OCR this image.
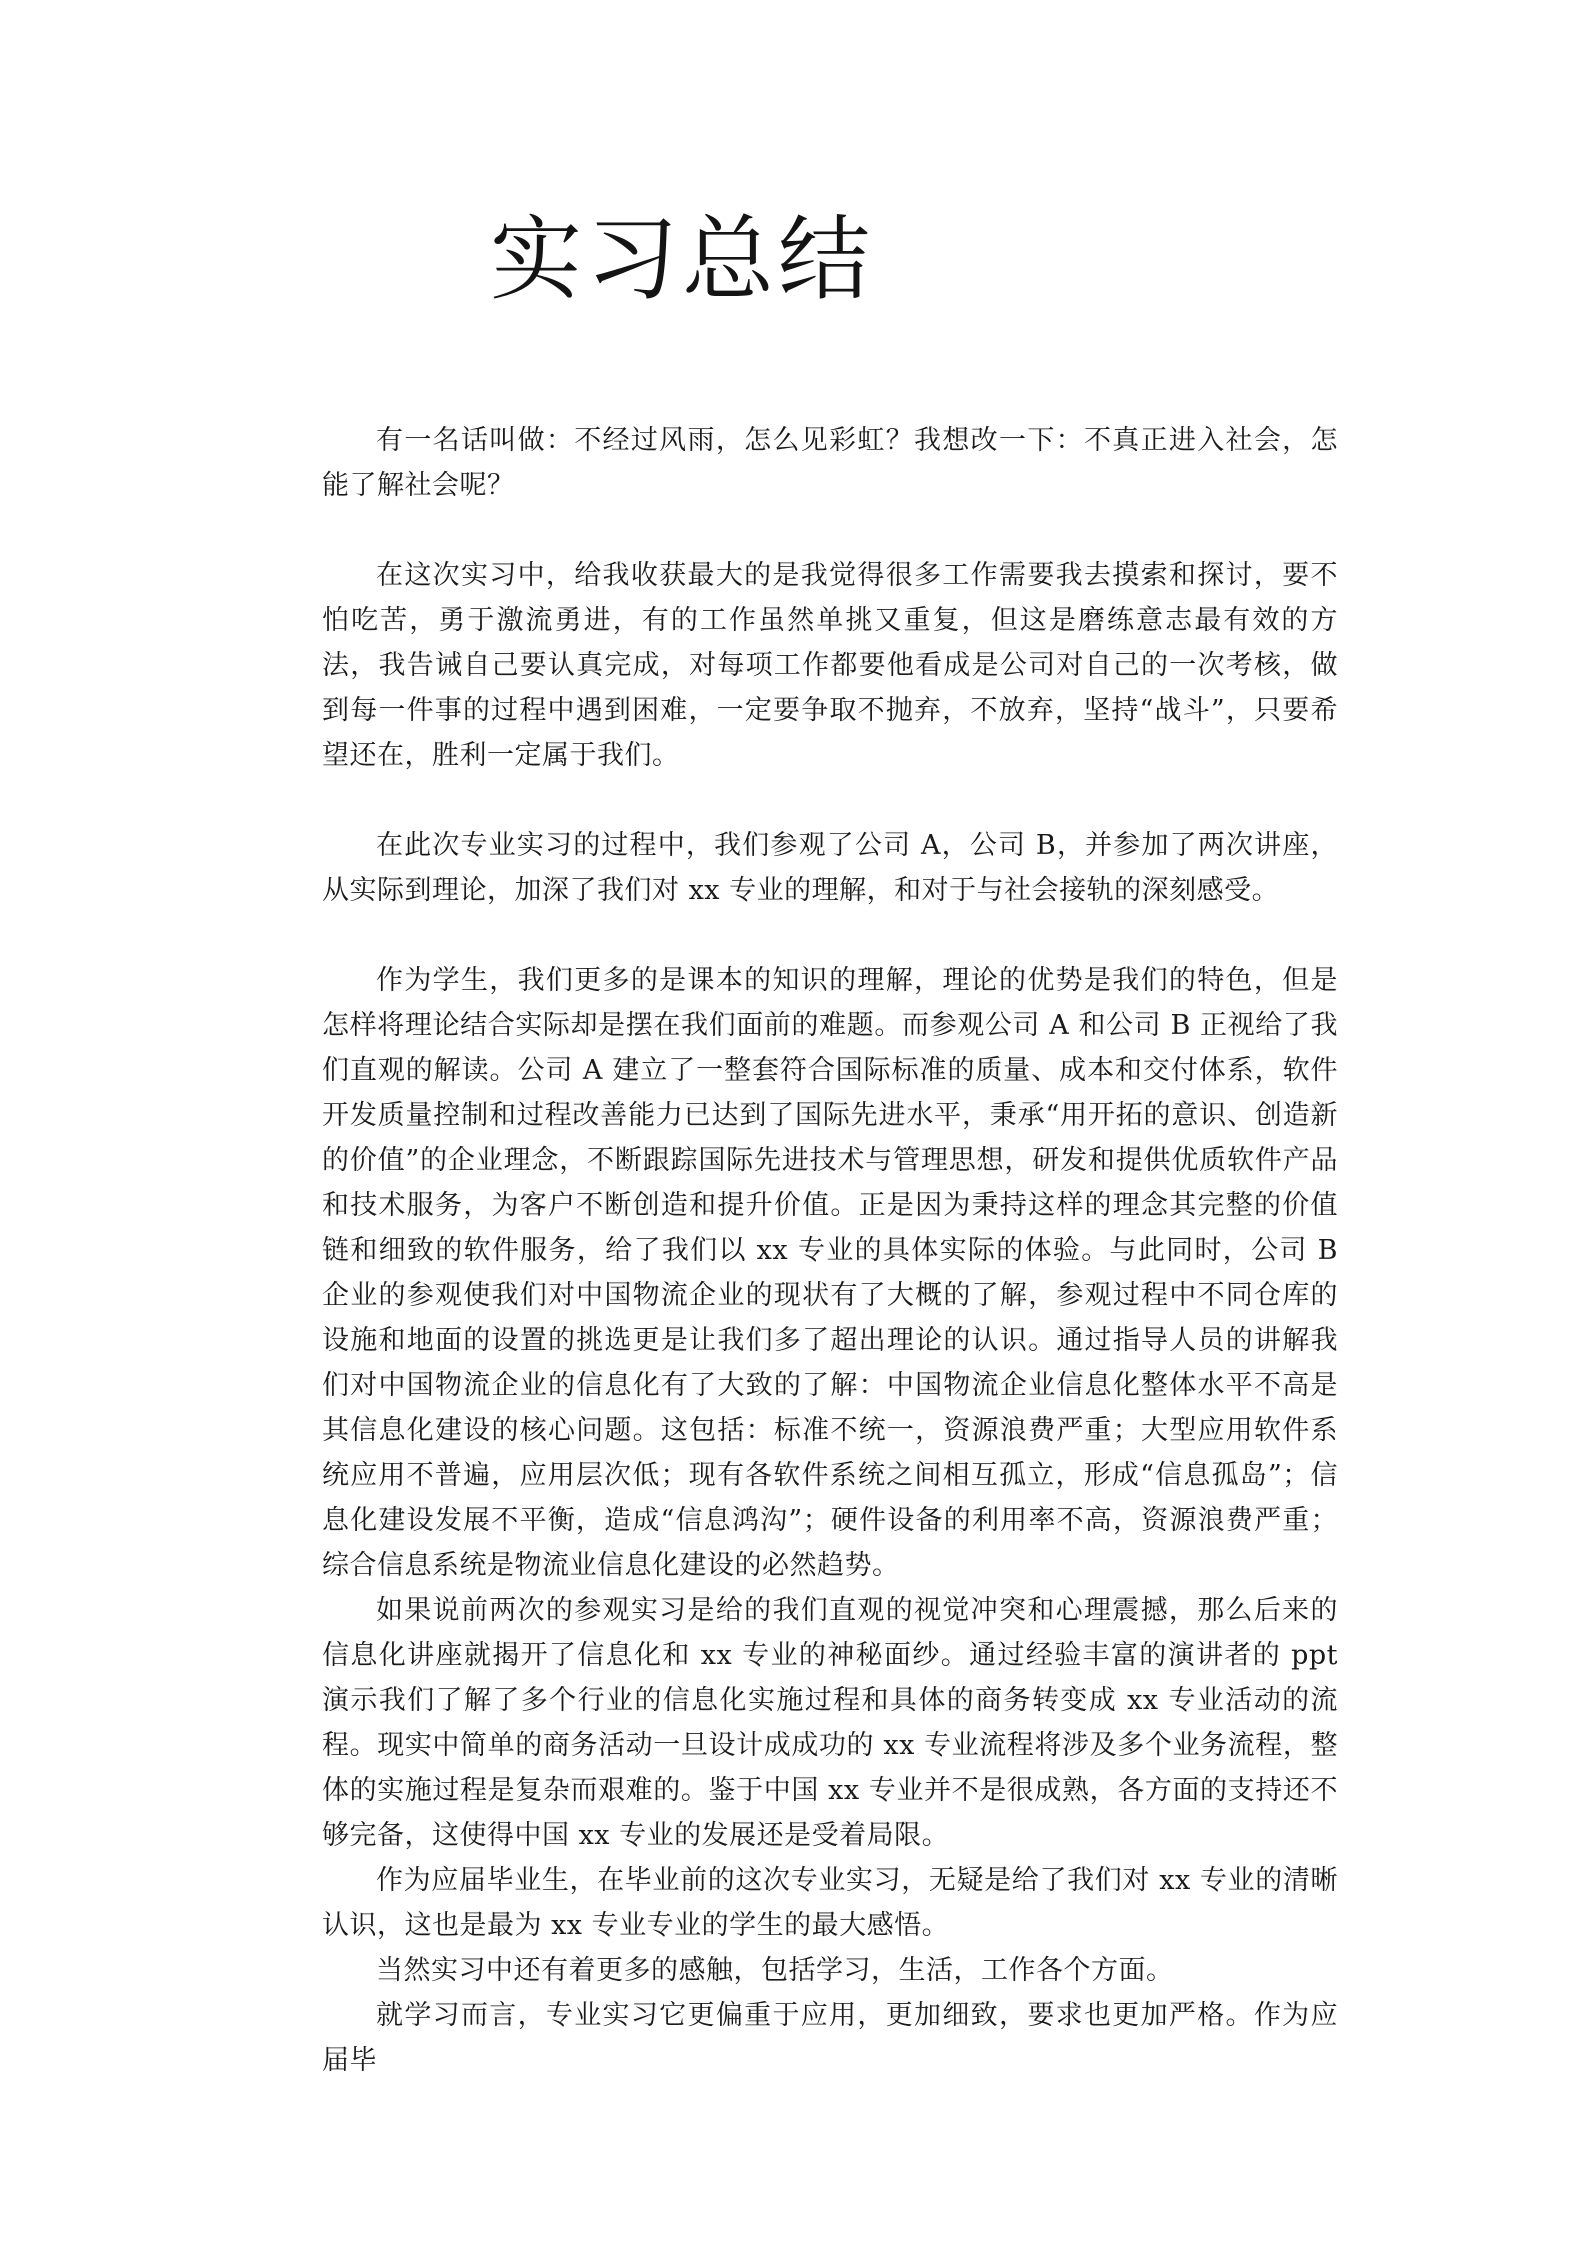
实习总结

有一名话叫做：不经过风雨，怎么见彩虹？我想改一下：不真正进入社会，怎能了解社会呢？

在这次实习中，给我收获最大的是我觉得很多工作需要我去摸索和探讨，要不怕吃苦，勇于激流勇进，有的工作虽然单挑又重复，但这是磨练意志最有效的方法，我告诫自己要认真完成，对每项工作都要他看成是公司对自己的一次考核，做到每一件事的过程中遇到困难，一定要争取不抛弃，不放弃，坚持“战斗”，只要希望还在，胜利一定属于我们。

在此次专业实习的过程中，我们参观了公司 A，公司 B，并参加了两次讲座，从实际到理论，加深了我们对 xx 专业的理解，和对于与社会接轨的深刻感受。

作为学生，我们更多的是课本的知识的理解，理论的优势是我们的特色，但是怎样将理论结合实际却是摆在我们面前的难题。而参观公司 A 和公司 B 正视给了我们直观的解读。公司 A 建立了一整套符合国际标准的质量、成本和交付体系，软件开发质量控制和过程改善能力已达到了国际先进水平，秉承“用开拓的意识、创造新的价值”的企业理念，不断跟踪国际先进技术与管理思想，研发和提供优质软件产品和技术服务，为客户不断创造和提升价值。正是因为秉持这样的理念其完整的价值链和细致的软件服务，给了我们以 xx 专业的具体实际的体验。与此同时，公司 B 企业的参观使我们对中国物流企业的现状有了大概的了解，参观过程中不同仓库的设施和地面的设置的挑选更是让我们多了超出理论的认识。通过指导人员的讲解我们对中国物流企业的信息化有了大致的了解：中国物流企业信息化整体水平不高是其信息化建设的核心问题。这包括：标准不统一，资源浪费严重；大型应用软件系统应用不普遍，应用层次低；现有各软件系统之间相互孤立，形成“信息孤岛”；信息化建设发展不平衡，造成“信息鸿沟”；硬件设备的利用率不高，资源浪费严重；综合信息系统是物流业信息化建设的必然趋势。

如果说前两次的参观实习是给的我们直观的视觉冲突和心理震撼，那么后来的信息化讲座就揭开了信息化和 xx 专业的神秘面纱。通过经验丰富的演讲者的 ppt 演示我们了解了多个行业的信息化实施过程和具体的商务转变成 xx 专业活动的流程。现实中简单的商务活动一旦设计成成功的 xx 专业流程将涉及多个业务流程，整体的实施过程是复杂而艰难的。鉴于中国 xx 专业并不是很成熟，各方面的支持还不够完备，这使得中国 xx 专业的发展还是受着局限。

作为应届毕业生，在毕业前的这次专业实习，无疑是给了我们对 xx 专业的清晰认识，这也是最为 xx 专业专业的学生的最大感悟。

当然实习中还有着更多的感触，包括学习，生活，工作各个方面。

就学习而言，专业实习它更偏重于应用，更加细致，要求也更加严格。作为应届毕
